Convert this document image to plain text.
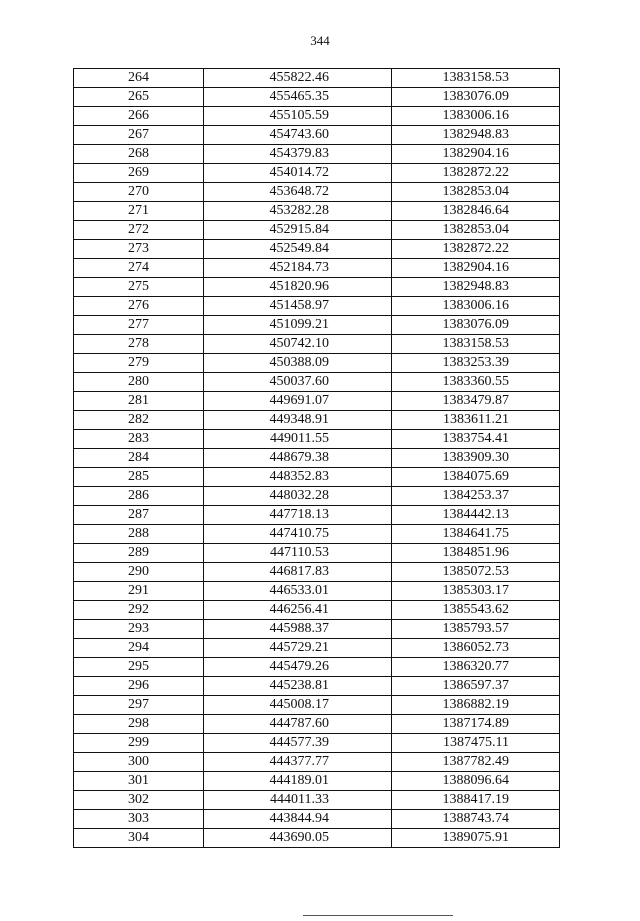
344
264	455822.46	1383158.53
265	455465.35	1383076.09
266	455105.59	1383006.16
267	454743.60	1382948.83
268	454379.83	1382904.16
269	454014.72	1382872.22
270	453648.72	1382853.04
271	453282.28	1382846.64
272	452915.84	1382853.04
273	452549.84	1382872.22
274	452184.73	1382904.16
275	451820.96	1382948.83
276	451458.97	1383006.16
277	451099.21	1383076.09
278	450742.10	1383158.53
279	450388.09	1383253.39
280	450037.60	1383360.55
281	449691.07	1383479.87
282	449348.91	1383611.21
283	449011.55	1383754.41
284	448679.38	1383909.30
285	448352.83	1384075.69
286	448032.28	1384253.37
287	447718.13	1384442.13
288	447410.75	1384641.75
289	447110.53	1384851.96
290	446817.83	1385072.53
291	446533.01	1385303.17
292	446256.41	1385543.62
293	445988.37	1385793.57
294	445729.21	1386052.73
295	445479.26	1386320.77
296	445238.81	1386597.37
297	445008.17	1386882.19
298	444787.60	1387174.89
299	444577.39	1387475.11
300	444377.77	1387782.49
301	444189.01	1388096.64
302	444011.33	1388417.19
303	443844.94	1388743.74
304	443690.05	1389075.91
